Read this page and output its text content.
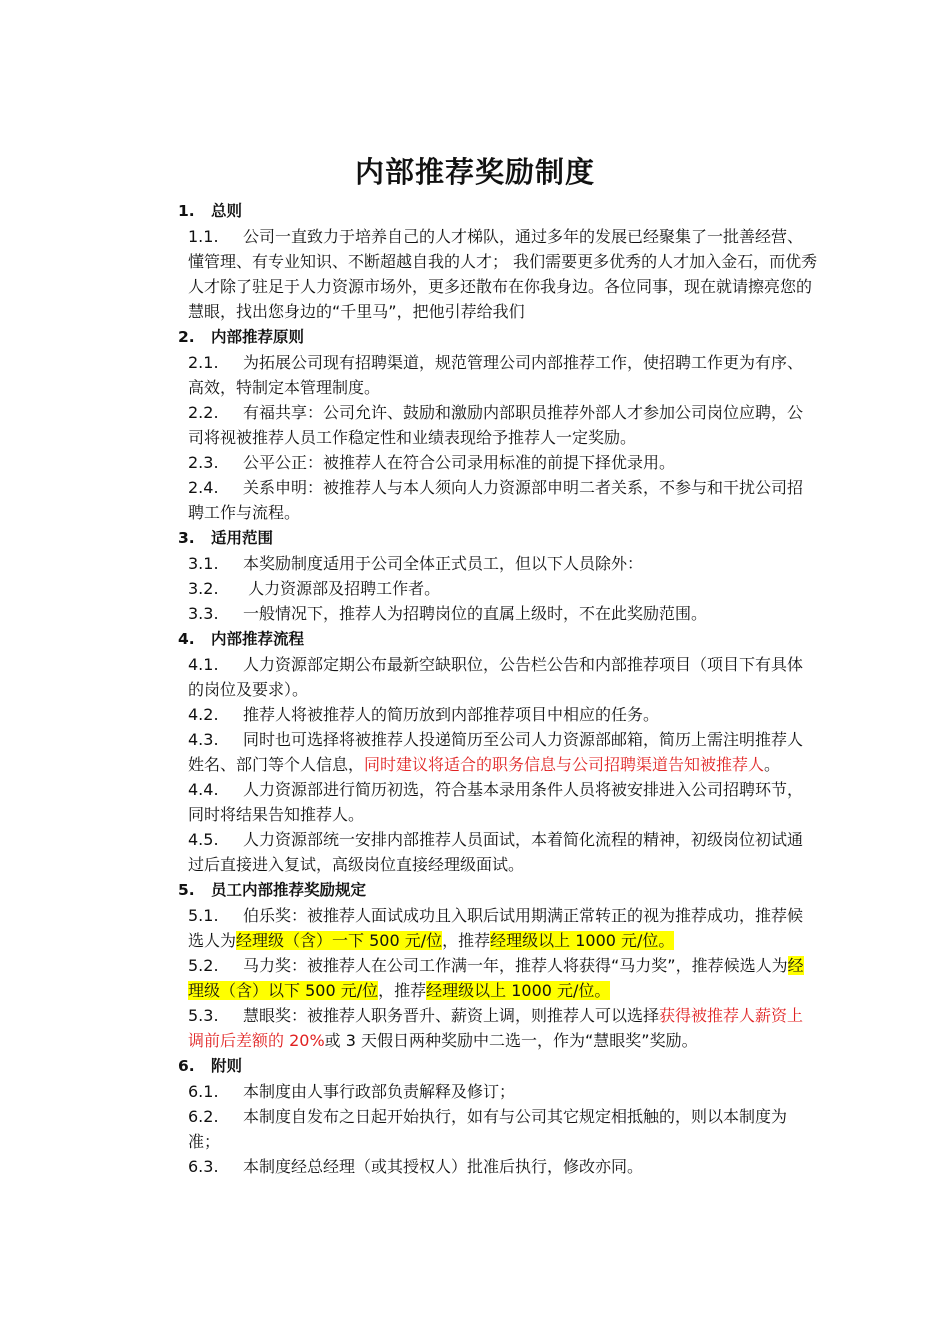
内部推荐奖励制度
1. 总则
1.1. 公司一直致力于培养自己的人才梯队，通过多年的发展已经聚集了一批善经营、懂管理、有专业知识、不断超越自我的人才； 我们需要更多优秀的人才加入金石，而优秀人才除了驻足于人力资源市场外，更多还散布在你我身边。各位同事，现在就请擦亮您的慧眼，找出您身边的“千里马”，把他引荐给我们
2. 内部推荐原则
2.1. 为拓展公司现有招聘渠道，规范管理公司内部推荐工作，使招聘工作更为有序、高效，特制定本管理制度。
2.2. 有福共享：公司允许、鼓励和激励内部职员推荐外部人才参加公司岗位应聘，公司将视被推荐人员工作稳定性和业绩表现给予推荐人一定奖励。
2.3. 公平公正：被推荐人在符合公司录用标准的前提下择优录用。
2.4. 关系申明：被推荐人与本人须向人力资源部申明二者关系，不参与和干扰公司招聘工作与流程。
3. 适用范围
3.1. 本奖励制度适用于公司全体正式员工，但以下人员除外：
3.2. 人力资源部及招聘工作者。
3.3. 一般情况下，推荐人为招聘岗位的直属上级时，不在此奖励范围。
4. 内部推荐流程
4.1. 人力资源部定期公布最新空缺职位，公告栏公告和内部推荐项目（项目下有具体的岗位及要求）。
4.2. 推荐人将被推荐人的简历放到内部推荐项目中相应的任务。
4.3. 同时也可选择将被推荐人投递简历至公司人力资源部邮箱，简历上需注明推荐人姓名、部门等个人信息，同时建议将适合的职务信息与公司招聘渠道告知被推荐人。
4.4. 人力资源部进行简历初选，符合基本录用条件人员将被安排进入公司招聘环节，同时将结果告知推荐人。
4.5. 人力资源部统一安排内部推荐人员面试，本着简化流程的精神，初级岗位初试通过后直接进入复试，高级岗位直接经理级面试。
5. 员工内部推荐奖励规定
5.1. 伯乐奖：被推荐人面试成功且入职后试用期满正常转正的视为推荐成功，推荐候选人为经理级（含）一下 500 元/位，推荐经理级以上 1000 元/位。
5.2. 马力奖：被推荐人在公司工作满一年，推荐人将获得“马力奖”，推荐候选人为经理级（含）以下 500 元/位，推荐经理级以上 1000 元/位。
5.3. 慧眼奖：被推荐人职务晋升、薪资上调，则推荐人可以选择获得被推荐人薪资上调前后差额的 20%或 3 天假日两种奖励中二选一，作为“慧眼奖”奖励。
6. 附则
6.1. 本制度由人事行政部负责解释及修订；
6.2. 本制度自发布之日起开始执行，如有与公司其它规定相抵触的，则以本制度为准；
6.3. 本制度经总经理（或其授权人）批准后执行，修改亦同。
